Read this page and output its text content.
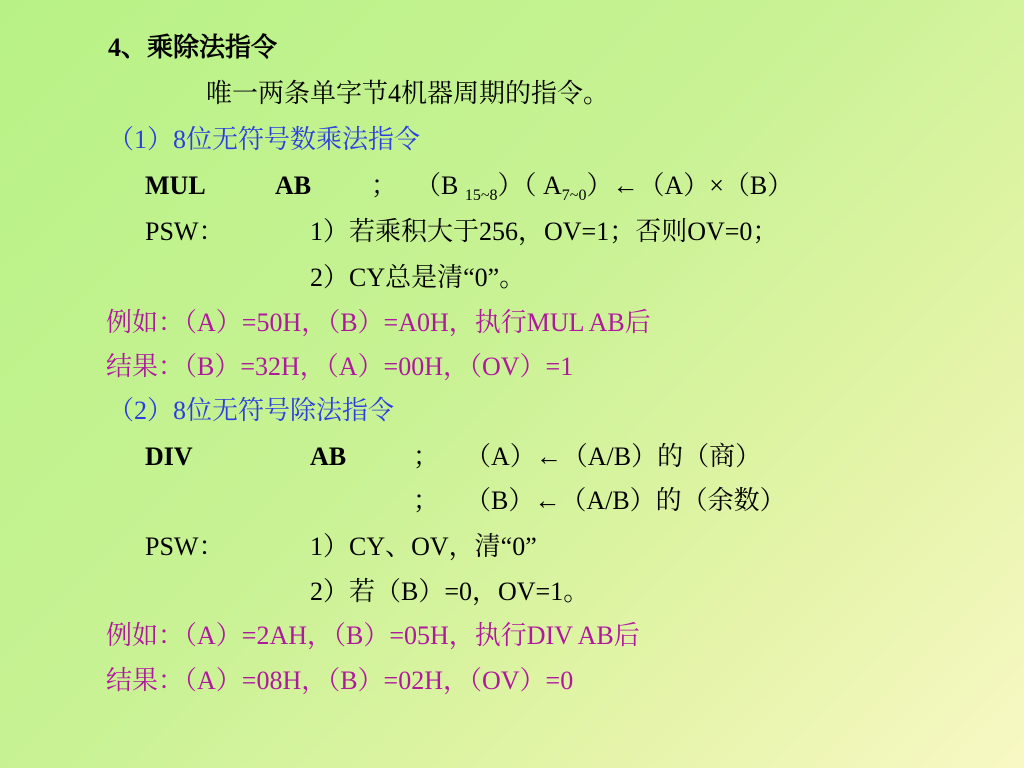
4、乘除法指令
唯一两条单字节4机器周期的指令。
（1）8位无符号数乘法指令
MUL	AB ； （B $_{15\sim 8}$）（ $A_{7\sim 0})\leftarrow(A)\times(B)$
PSW：	1）若乘积大于256，OV=1；否则OV=0；
2）CY总是清“0”。
例如：（A）=50H，（B）=A0H，执行MUL AB后
结果：（B）=32H，（A）=00H，（OV）=1
（2）8位无符号除法指令
DIV	AB	； （A）←（A/B）的（商）
； （B）←（A/B）的（余数）
PSW：	1）CY、OV，清“0”
2）若（B）=0，OV=1。
例如：（A）=2AH，（B）=05H，执行DIV AB后
结果：（A）=08H，（B）=02H，（OV）=0
